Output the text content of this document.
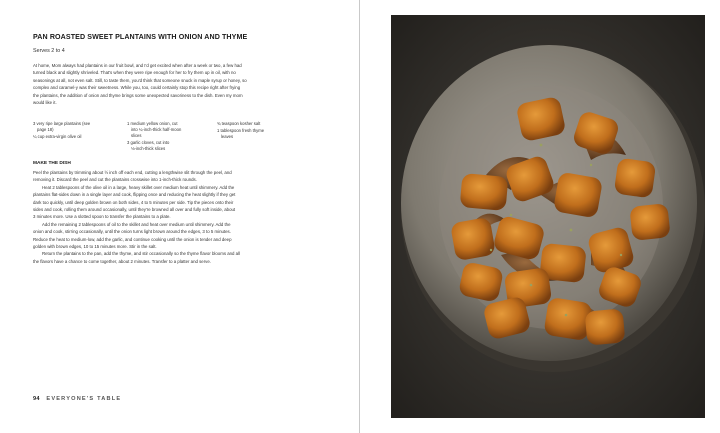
PAN ROASTED SWEET PLANTAINS WITH ONION AND THYME
Serves 2 to 4
At home, Mom always had plantains in our fruit bowl, and I'd get excited when after a week or two, a few had
turned black and slightly shriveled. That's when they were ripe enough for her to fry them up in oil, with no
seasonings at all, not even salt. Still, to taste them, you'd think that someone snuck in maple syrup or honey, so
complex and caramel-y was their sweetness. While you, too, could certainly stop this recipe right after frying
the plantains, the addition of onion and thyme brings some unexpected savoriness to the dish. Even my mom
would like it.
3 very ripe large plantains (see
page 18)
¼ cup extra-virgin olive oil
1 medium yellow onion, cut
into ¼-inch-thick half-moon
slices
3 garlic cloves, cut into
⅛-inch-thick slices
¾ teaspoon kosher salt
1 tablespoon fresh thyme
leaves
MAKE THE DISH
Peel the plantains by trimming about ½ inch off each end, cutting a lengthwise slit through the peel, and
removing it. Discard the peel and cut the plantains crosswise into 1-inch-thick rounds.
Heat 2 tablespoons of the olive oil in a large, heavy skillet over medium heat until shimmery. Add the
plantains flat-sides down in a single layer and cook, flipping once and reducing the heat slightly if they get
dark too quickly, until deep golden brown on both sides, 4 to 5 minutes per side. Tip the pieces onto their
sides and cook, rolling them around occasionally, until they're browned all over and fully soft inside, about
3 minutes more. Use a slotted spoon to transfer the plantains to a plate.
Add the remaining 2 tablespoons of oil to the skillet and heat over medium until shimmery. Add the
onion and cook, stirring occasionally, until the onion turns light brown around the edges, 3 to 5 minutes.
Reduce the heat to medium-low, add the garlic, and continue cooking until the onion is tender and deep
golden with brown edges, 10 to 15 minutes more. Stir in the salt.
Return the plantains to the pan, add the thyme, and stir occasionally so the thyme flavor blooms and all
the flavors have a chance to come together, about 2 minutes. Transfer to a platter and serve.
94 EVERYONE'S TABLE
